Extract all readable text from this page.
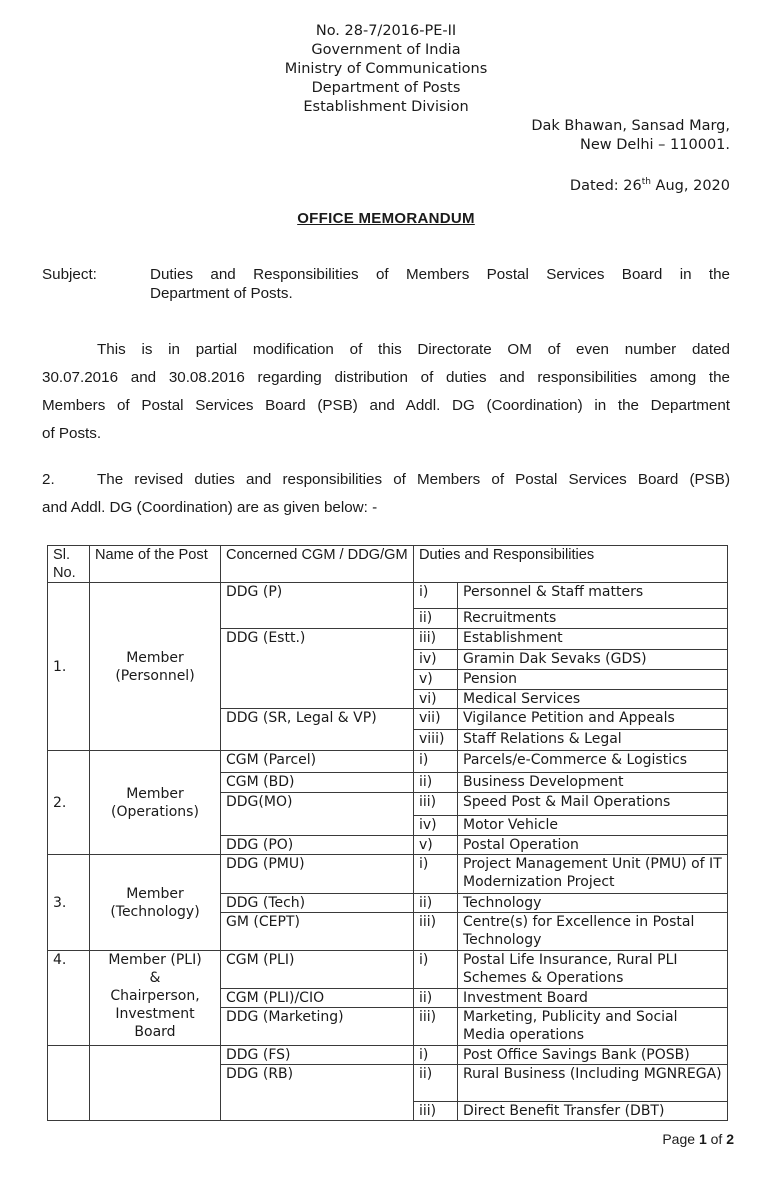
No. 28-7/2016-PE-II
Government of India
Ministry of Communications
Department of Posts
Establishment Division
Dak Bhawan, Sansad Marg,
New Delhi – 110001.
Dated: 26th Aug, 2020
OFFICE MEMORANDUM
Subject:	Duties and Responsibilities of Members Postal Services Board in the
Department of Posts.
This is in partial modification of this Directorate OM of even number dated
30.07.2016 and 30.08.2016 regarding distribution of duties and responsibilities among the
Members of Postal Services Board (PSB) and Addl. DG (Coordination) in the Department
of Posts.
2.	The revised duties and responsibilities of Members of Postal Services Board (PSB)
and Addl. DG (Coordination) are as given below: -
Sl. No.	Name of the Post	Concerned CGM / DDG/GM	Duties and Responsibilities	
1.	Member (Personnel)	DDG (P)	i)	Personnel & Staff matters
			ii)	Recruitments
		DDG (Estt.)	iii)	Establishment
			iv)	Gramin Dak Sevaks (GDS)
			v)	Pension
			vi)	Medical Services
		DDG (SR, Legal & VP)	vii)	Vigilance Petition and Appeals
			viii)	Staff Relations & Legal
2.	Member (Operations)	CGM (Parcel)	i)	Parcels/e-Commerce & Logistics
		CGM (BD)	ii)	Business Development
		DDG(MO)	iii)	Speed Post & Mail Operations
			iv)	Motor Vehicle
		DDG (PO)	v)	Postal Operation
3.	Member (Technology)	DDG (PMU)	i)	Project Management Unit (PMU) of IT Modernization Project
		DDG (Tech)	ii)	Technology
		GM (CEPT)	iii)	Centre(s) for Excellence in Postal Technology
4.	Member (PLI)
&
Chairperson,
Investment
Board	CGM (PLI)	i)	Postal Life Insurance, Rural PLI Schemes & Operations
		CGM (PLI)/CIO	ii)	Investment Board
		DDG (Marketing)	iii)	Marketing, Publicity and Social Media operations
		DDG (FS)	i)	Post Office Savings Bank (POSB)
		DDG (RB)	ii)	Rural Business (Including MGNREGA)
			iii)	Direct Benefit Transfer (DBT)
Page 1 of 2
